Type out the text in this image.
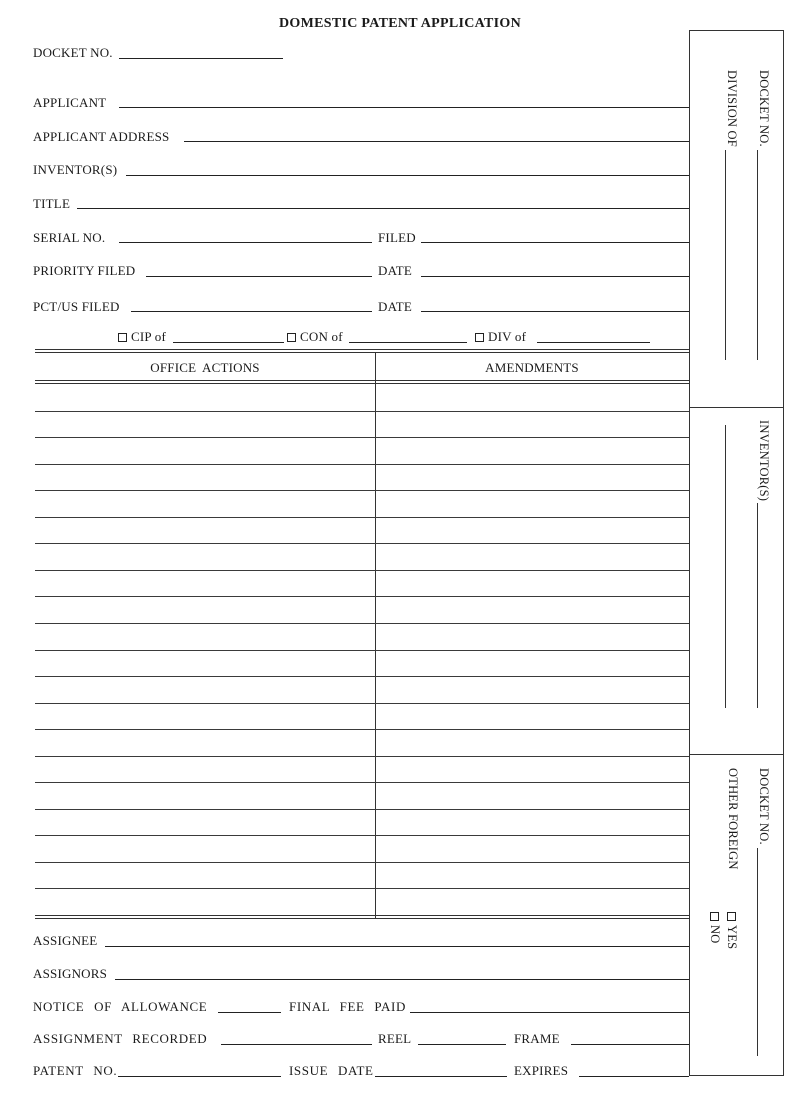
DOMESTIC PATENT APPLICATION
DOCKET NO.
APPLICANT
APPLICANT ADDRESS
INVENTOR(S)
TITLE
SERIAL NO.	FILED
PRIORITY FILED	DATE
PCT/US FILED	DATE
CIP of	CON of	DIV of
OFFICE ACTIONS	AMENDMENTS
ASSIGNEE
ASSIGNORS
NOTICE OF ALLOWANCE	FINAL FEE PAID
ASSIGNMENT RECORDED	REEL	FRAME
PATENT NO.	ISSUE DATE	EXPIRES
DOCKET NO.
DIVISION OF
INVENTOR(S)
DOCKET NO.
OTHER FOREIGN
YES
NO
